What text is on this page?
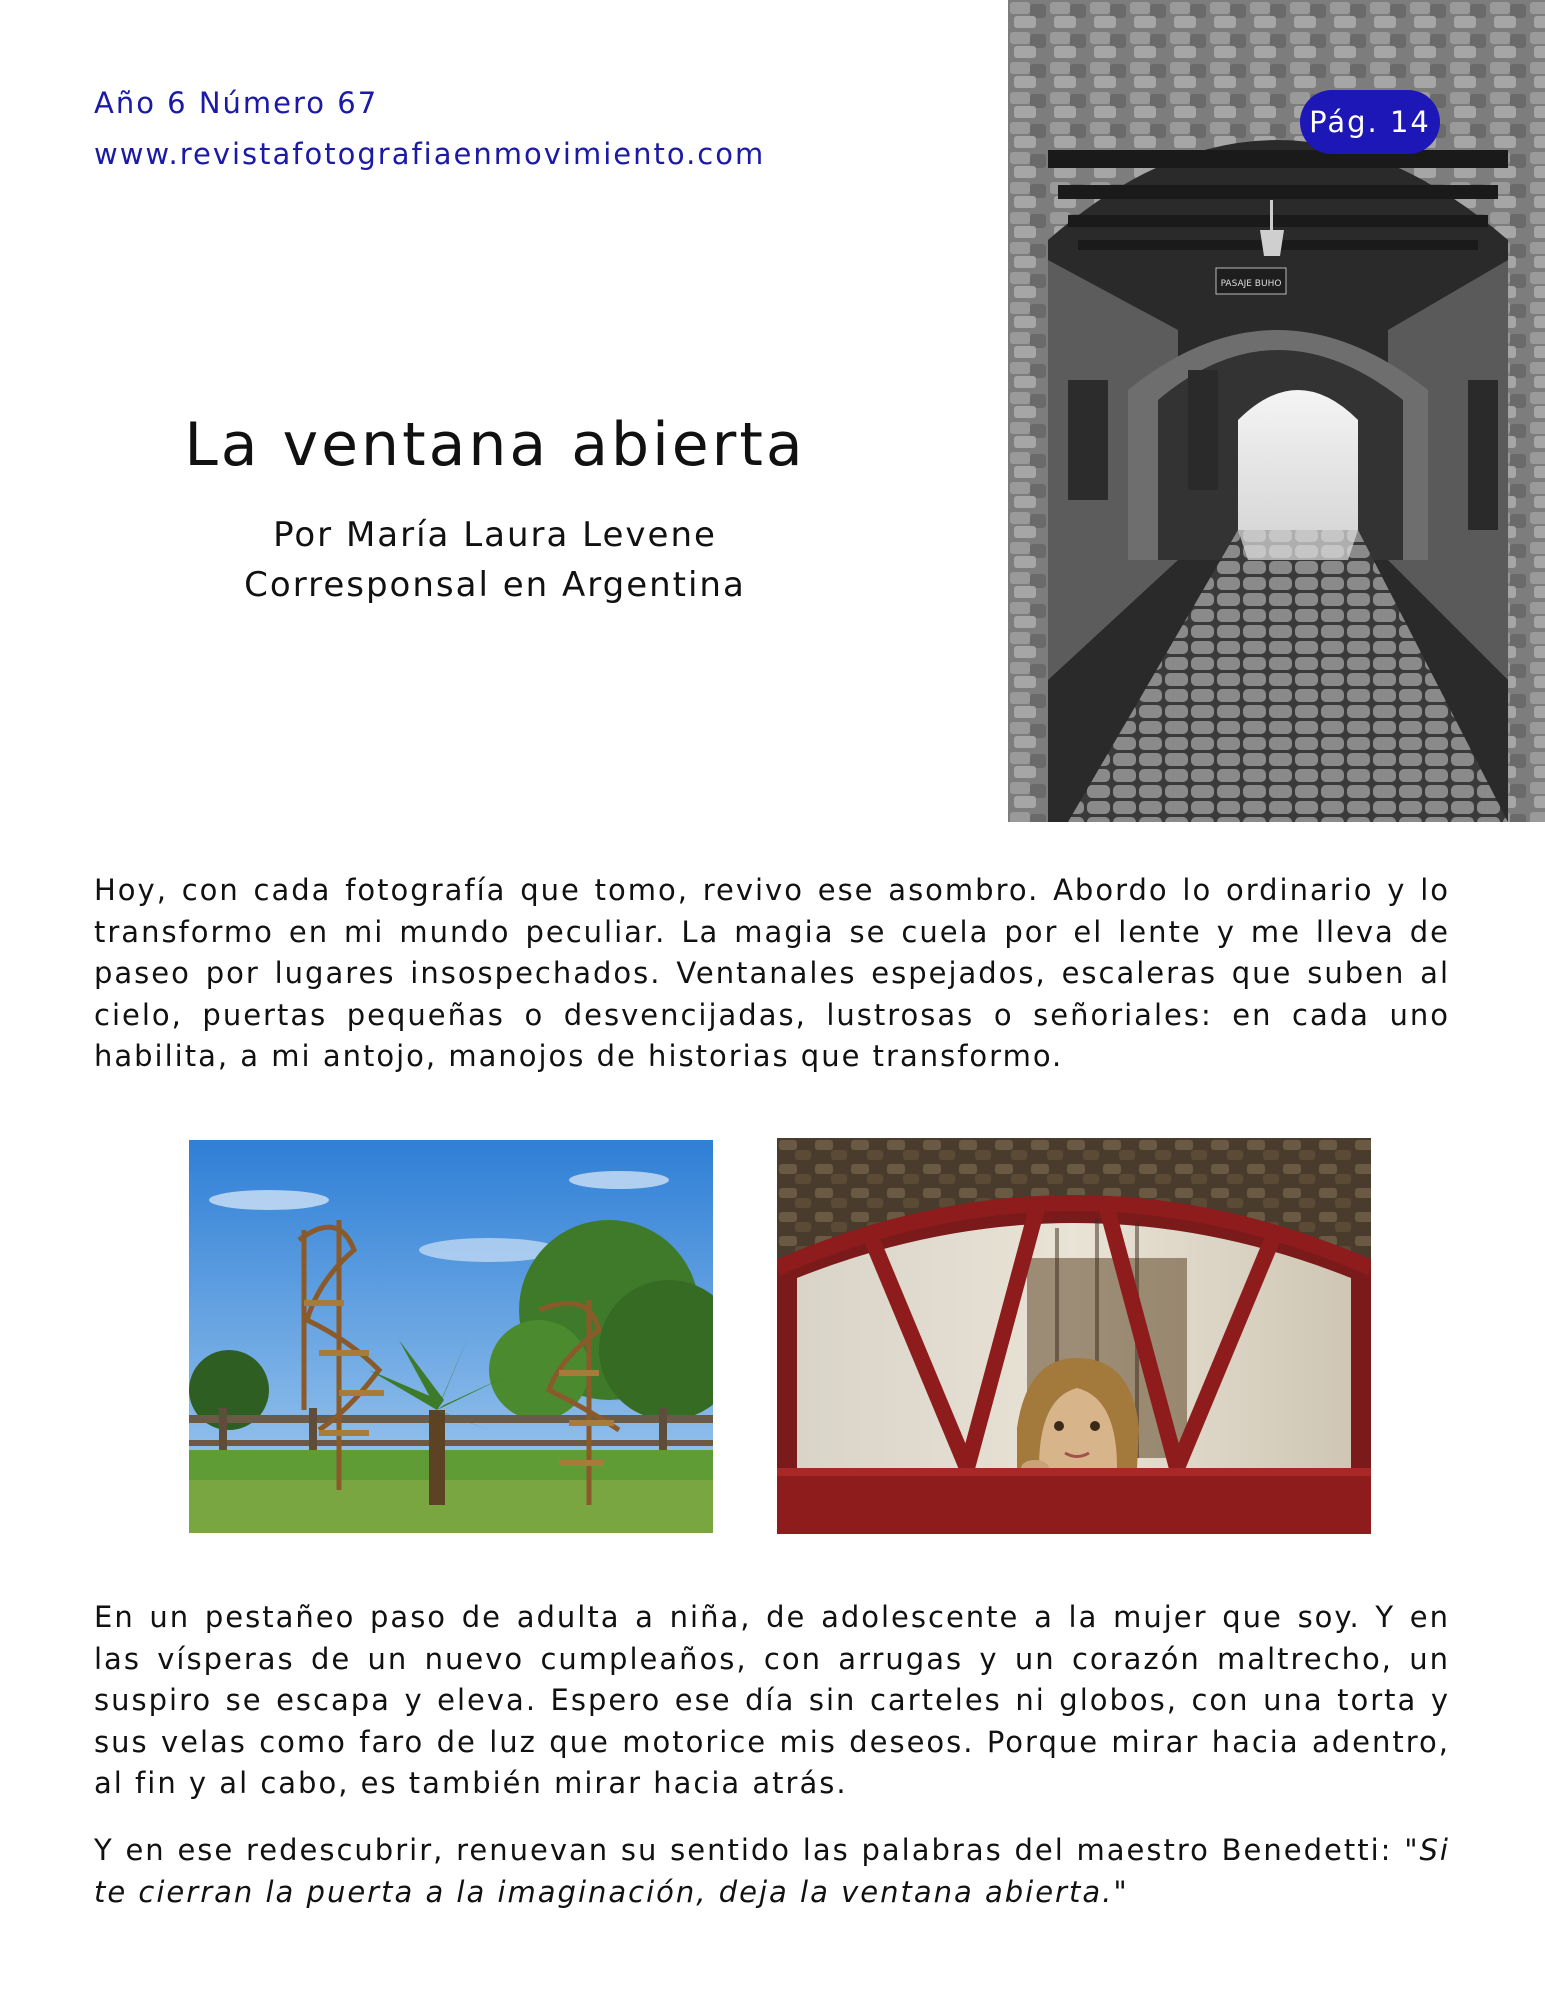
Año 6 Número 67
www.revistafotografiaenmovimiento.com
PASAJE BUHO
Pág. 14
La ventana abierta
Por María Laura Levene
Corresponsal en Argentina

Hoy, con cada fotografía que tomo, revivo ese asombro. Abordo lo ordinario y lo transformo en mi mundo peculiar. La magia se cuela por el lente y me lleva de paseo por lugares insospechados. Ventanales espejados, escaleras que suben al cielo, puertas pequeñas o desvencijadas, lustrosas o señoriales: en cada uno habilita, a mi antojo, manojos de historias que transformo.

En un pestañeo paso de adulta a niña, de adolescente a la mujer que soy. Y en las vísperas de un nuevo cumpleaños, con arrugas y un corazón maltrecho, un suspiro se escapa y eleva. Espero ese día sin carteles ni globos, con una torta y sus velas como faro de luz que motorice mis deseos. Porque mirar hacia adentro, al fin y al cabo, es también mirar hacia atrás.

Y en ese redescubrir, renuevan su sentido las palabras del maestro Benedetti: "Si te cierran la puerta a la imaginación, deja la ventana abierta."
